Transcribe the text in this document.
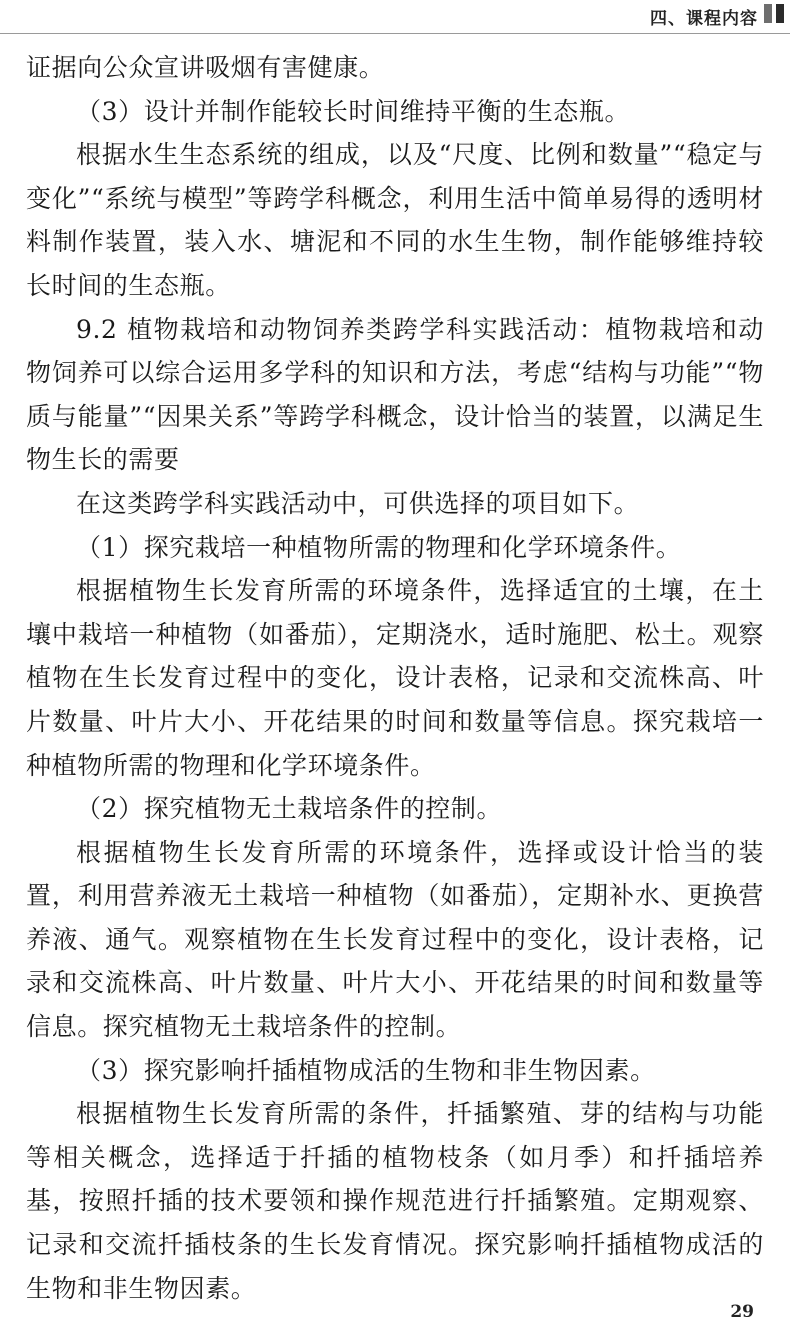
四、课程内容

证据向公众宣讲吸烟有害健康。

（3）设计并制作能较长时间维持平衡的生态瓶。

根据水生生态系统的组成，以及“尺度、比例和数量”“稳定与变化”“系统与模型”等跨学科概念，利用生活中简单易得的透明材料制作装置，装入水、塘泥和不同的水生生物，制作能够维持较长时间的生态瓶。

9.2 植物栽培和动物饲养类跨学科实践活动：植物栽培和动物饲养可以综合运用多学科的知识和方法，考虑“结构与功能”“物质与能量”“因果关系”等跨学科概念，设计恰当的装置，以满足生物生长的需要

在这类跨学科实践活动中，可供选择的项目如下。

（1）探究栽培一种植物所需的物理和化学环境条件。

根据植物生长发育所需的环境条件，选择适宜的土壤，在土壤中栽培一种植物（如番茄），定期浇水，适时施肥、松土。观察植物在生长发育过程中的变化，设计表格，记录和交流株高、叶片数量、叶片大小、开花结果的时间和数量等信息。探究栽培一种植物所需的物理和化学环境条件。

（2）探究植物无土栽培条件的控制。

根据植物生长发育所需的环境条件，选择或设计恰当的装置，利用营养液无土栽培一种植物（如番茄），定期补水、更换营养液、通气。观察植物在生长发育过程中的变化，设计表格，记录和交流株高、叶片数量、叶片大小、开花结果的时间和数量等信息。探究植物无土栽培条件的控制。

（3）探究影响扦插植物成活的生物和非生物因素。

根据植物生长发育所需的条件，扦插繁殖、芽的结构与功能等相关概念，选择适于扦插的植物枝条（如月季）和扦插培养基，按照扦插的技术要领和操作规范进行扦插繁殖。定期观察、记录和交流扦插枝条的生长发育情况。探究影响扦插植物成活的生物和非生物因素。

29
